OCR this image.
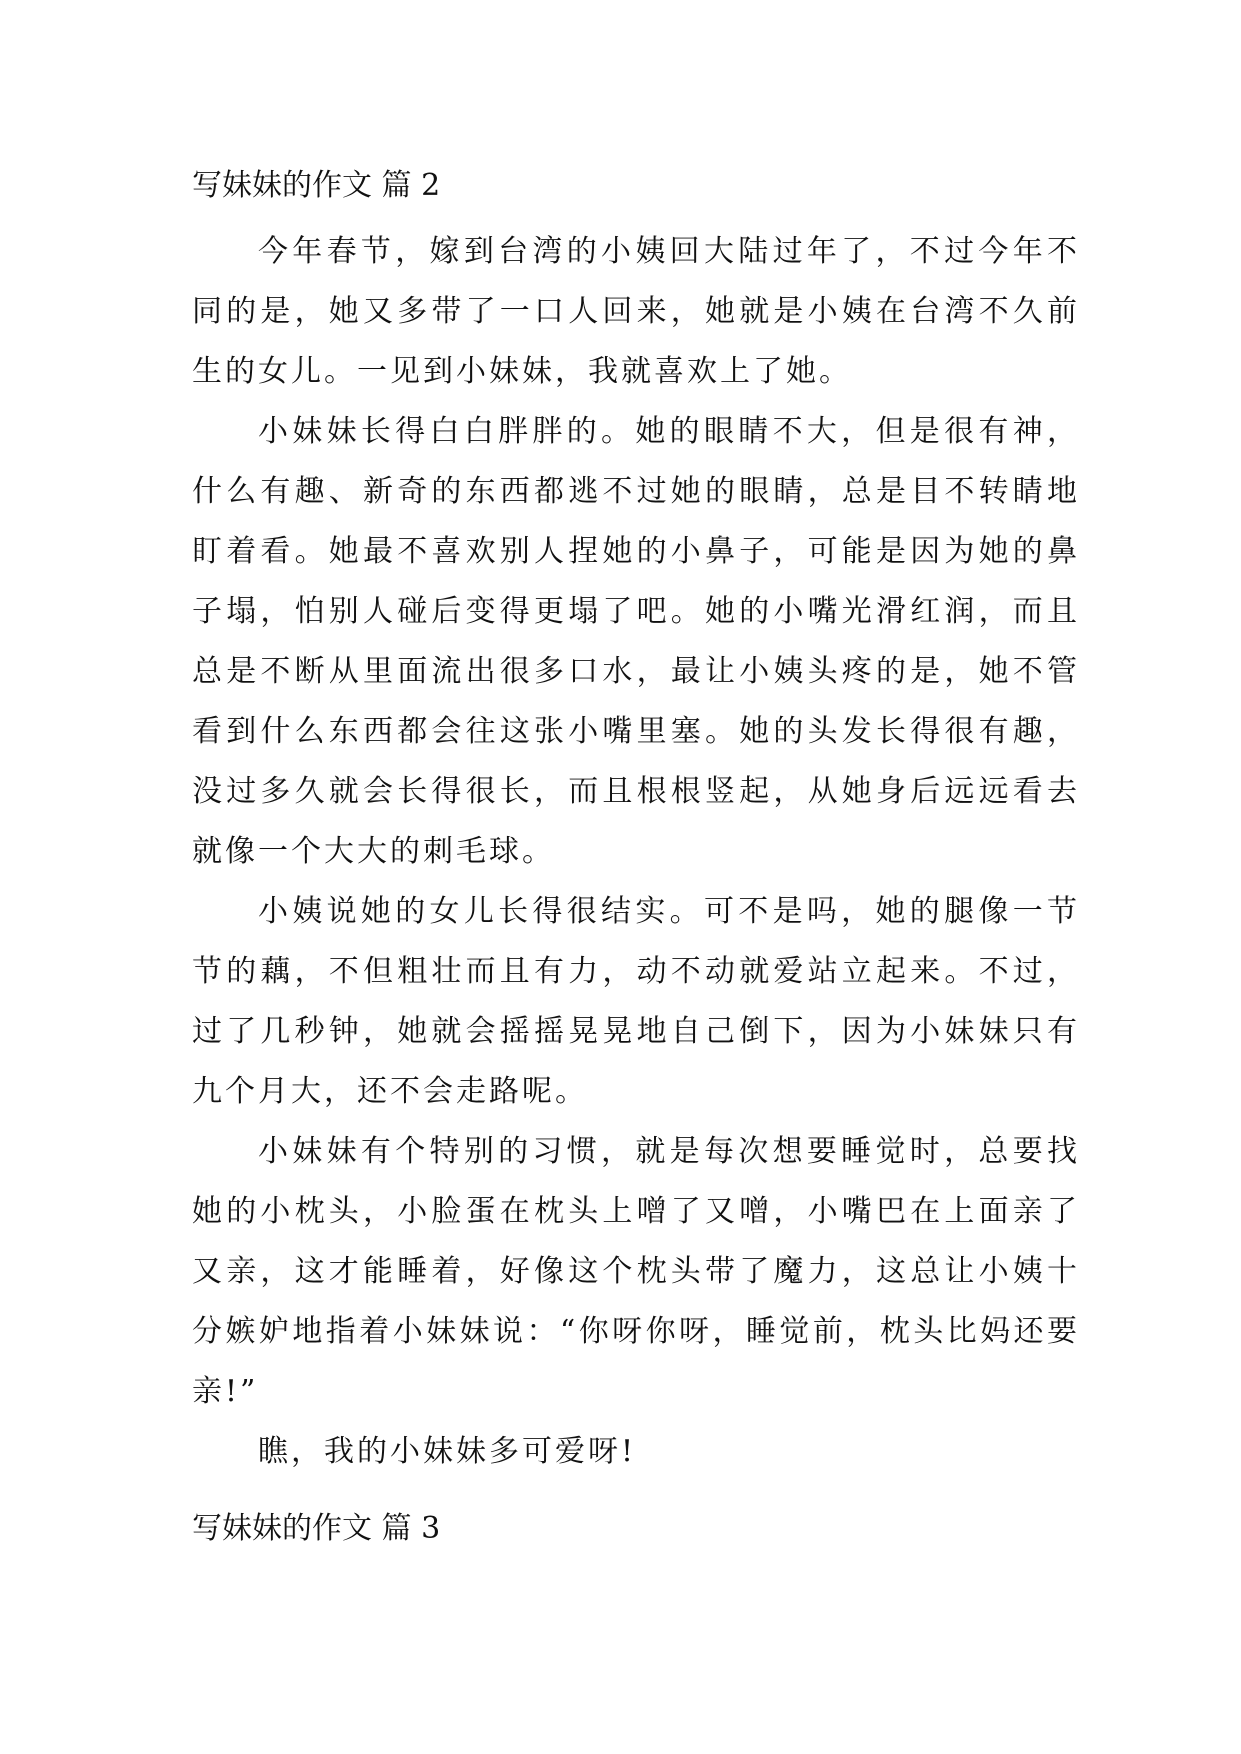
写妹妹的作文 篇 2

今年春节，嫁到台湾的小姨回大陆过年了，不过今年不同的是，她又多带了一口人回来，她就是小姨在台湾不久前生的女儿。一见到小妹妹，我就喜欢上了她。

小妹妹长得白白胖胖的。她的眼睛不大，但是很有神，什么有趣、新奇的东西都逃不过她的眼睛，总是目不转睛地盯着看。她最不喜欢别人捏她的小鼻子，可能是因为她的鼻子塌，怕别人碰后变得更塌了吧。她的小嘴光滑红润，而且总是不断从里面流出很多口水，最让小姨头疼的是，她不管看到什么东西都会往这张小嘴里塞。她的头发长得很有趣，没过多久就会长得很长，而且根根竖起，从她身后远远看去就像一个大大的刺毛球。

小姨说她的女儿长得很结实。可不是吗，她的腿像一节节的藕，不但粗壮而且有力，动不动就爱站立起来。不过，过了几秒钟，她就会摇摇晃晃地自己倒下，因为小妹妹只有九个月大，还不会走路呢。

小妹妹有个特别的习惯，就是每次想要睡觉时，总要找她的小枕头，小脸蛋在枕头上噌了又噌，小嘴巴在上面亲了又亲，这才能睡着，好像这个枕头带了魔力，这总让小姨十分嫉妒地指着小妹妹说：“你呀你呀，睡觉前，枕头比妈还要亲!”

瞧，我的小妹妹多可爱呀!

写妹妹的作文 篇 3
